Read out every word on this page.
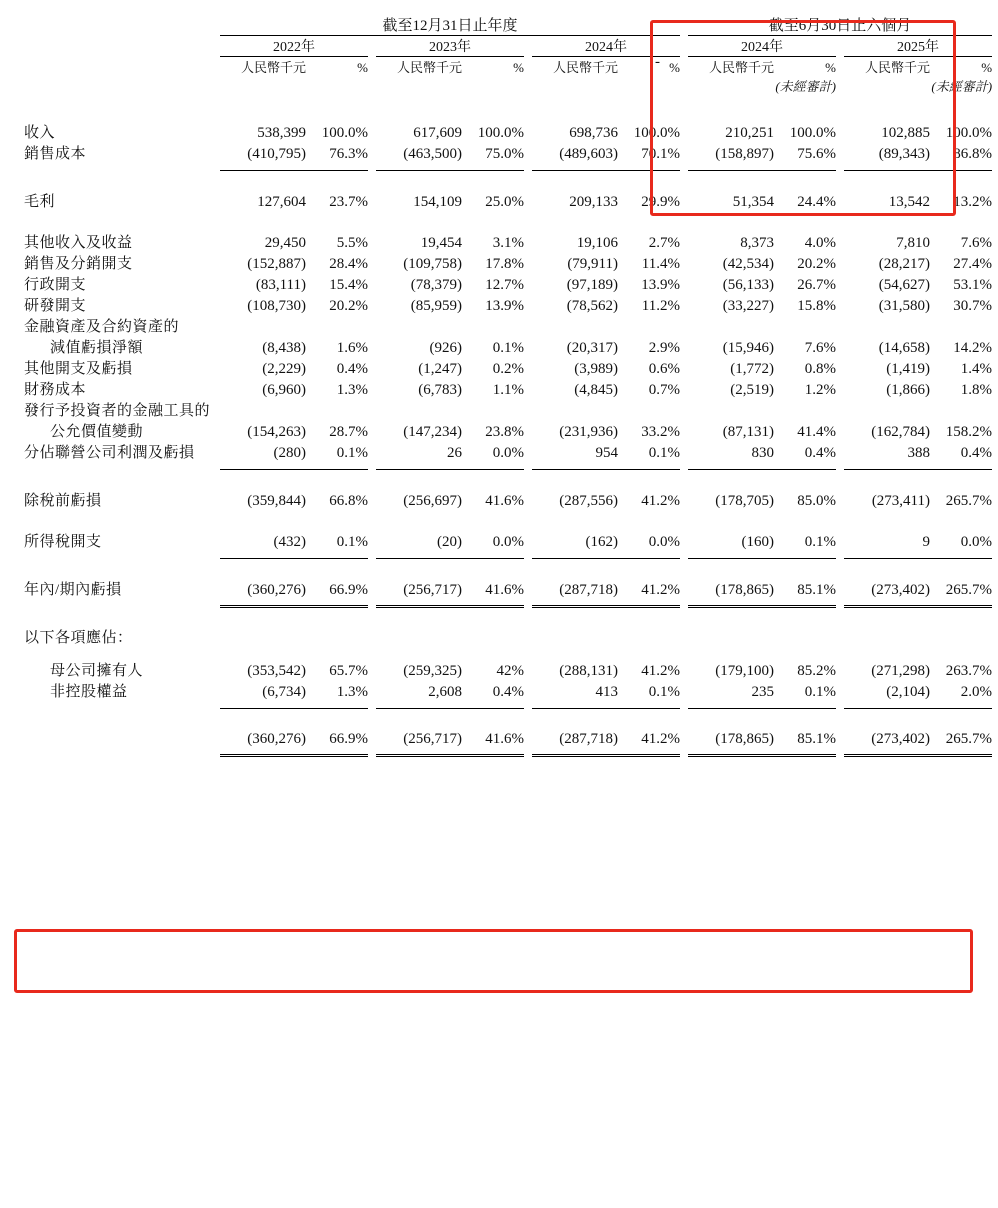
	截至12月31日止年度									截至6月30日止六個月				
	2022年			2023年			2024年			2024年			2025年	
	人民幣千元	%		人民幣千元	%		人民幣千元	%		人民幣千元	%		人民幣千元	%
										(未經審計)			(未經審計)	

收入	538,399	100.0%		617,609	100.0%		698,736	100.0%		210,251	100.0%		102,885	100.0%
銷售成本	(410,795)	76.3%		(463,500)	75.0%		(489,603)	70.1%		(158,897)	75.6%		(89,343)	86.8%

毛利	127,604	23.7%		154,109	25.0%		209,133	29.9%		51,354	24.4%		13,542	13.2%

其他收入及收益	29,450	5.5%		19,454	3.1%		19,106	2.7%		8,373	4.0%		7,810	7.6%
銷售及分銷開支	(152,887)	28.4%		(109,758)	17.8%		(79,911)	11.4%		(42,534)	20.2%		(28,217)	27.4%
行政開支	(83,111)	15.4%		(78,379)	12.7%		(97,189)	13.9%		(56,133)	26.7%		(54,627)	53.1%
研發開支	(108,730)	20.2%		(85,959)	13.9%		(78,562)	11.2%		(33,227)	15.8%		(31,580)	30.7%
金融資產及合約資產的														
減值虧損淨額	(8,438)	1.6%		(926)	0.1%		(20,317)	2.9%		(15,946)	7.6%		(14,658)	14.2%
其他開支及虧損	(2,229)	0.4%		(1,247)	0.2%		(3,989)	0.6%		(1,772)	0.8%		(1,419)	1.4%
財務成本	(6,960)	1.3%		(6,783)	1.1%		(4,845)	0.7%		(2,519)	1.2%		(1,866)	1.8%
發行予投資者的金融工具的														
公允價值變動	(154,263)	28.7%		(147,234)	23.8%		(231,936)	33.2%		(87,131)	41.4%		(162,784)	158.2%
分佔聯營公司利潤及虧損	(280)	0.1%		26	0.0%		954	0.1%		830	0.4%		388	0.4%

除稅前虧損	(359,844)	66.8%		(256,697)	41.6%		(287,556)	41.2%		(178,705)	85.0%		(273,411)	265.7%

所得稅開支	(432)	0.1%		(20)	0.0%		(162)	0.0%		(160)	0.1%		9	0.0%

年內/期內虧損	(360,276)	66.9%		(256,717)	41.6%		(287,718)	41.2%		(178,865)	85.1%		(273,402)	265.7%

以下各項應佔：														

母公司擁有人	(353,542)	65.7%		(259,325)	42%		(288,131)	41.2%		(179,100)	85.2%		(271,298)	263.7%
非控股權益	(6,734)	1.3%		2,608	0.4%		413	0.1%		235	0.1%		(2,104)	2.0%

	(360,276)	66.9%		(256,717)	41.6%		(287,718)	41.2%		(178,865)	85.1%		(273,402)	265.7%

-
